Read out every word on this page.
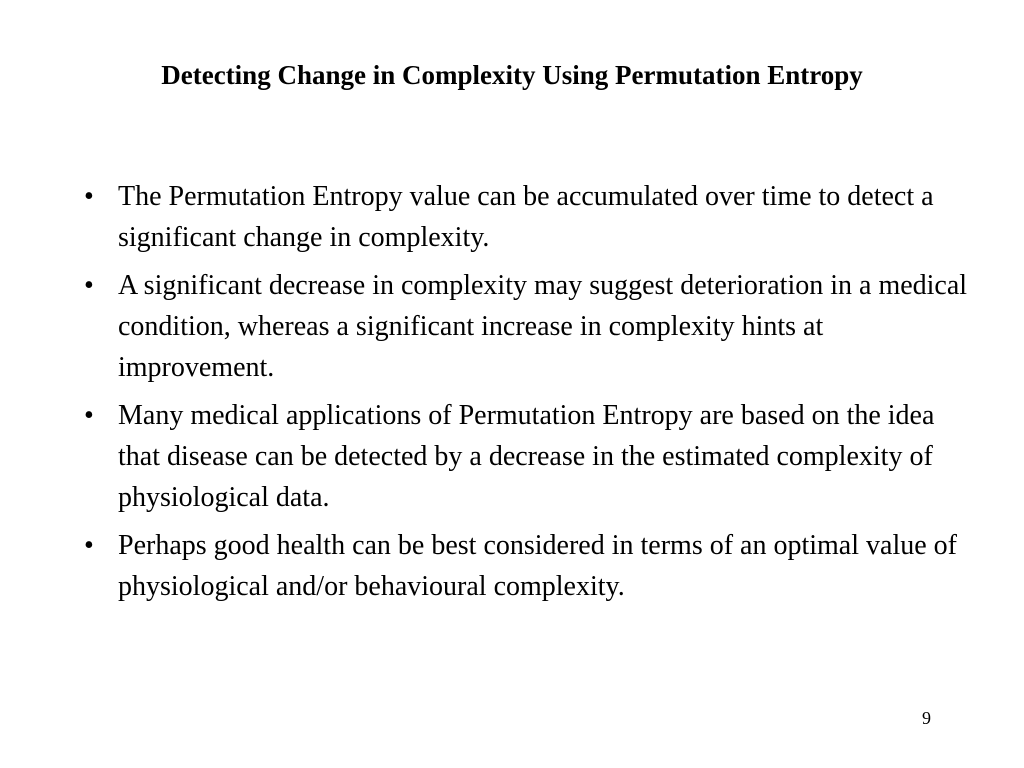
Detecting Change in Complexity Using Permutation Entropy
• The Permutation Entropy value can be accumulated over time to detect a significant change in complexity.
• A significant decrease in complexity may suggest deterioration in a medical condition, whereas a significant increase in complexity hints at improvement.
• Many medical applications of Permutation Entropy are based on the idea that disease can be detected by a decrease in the estimated complexity of physiological data.
• Perhaps good health can be best considered in terms of an optimal value of physiological and/or behavioural complexity.
9
